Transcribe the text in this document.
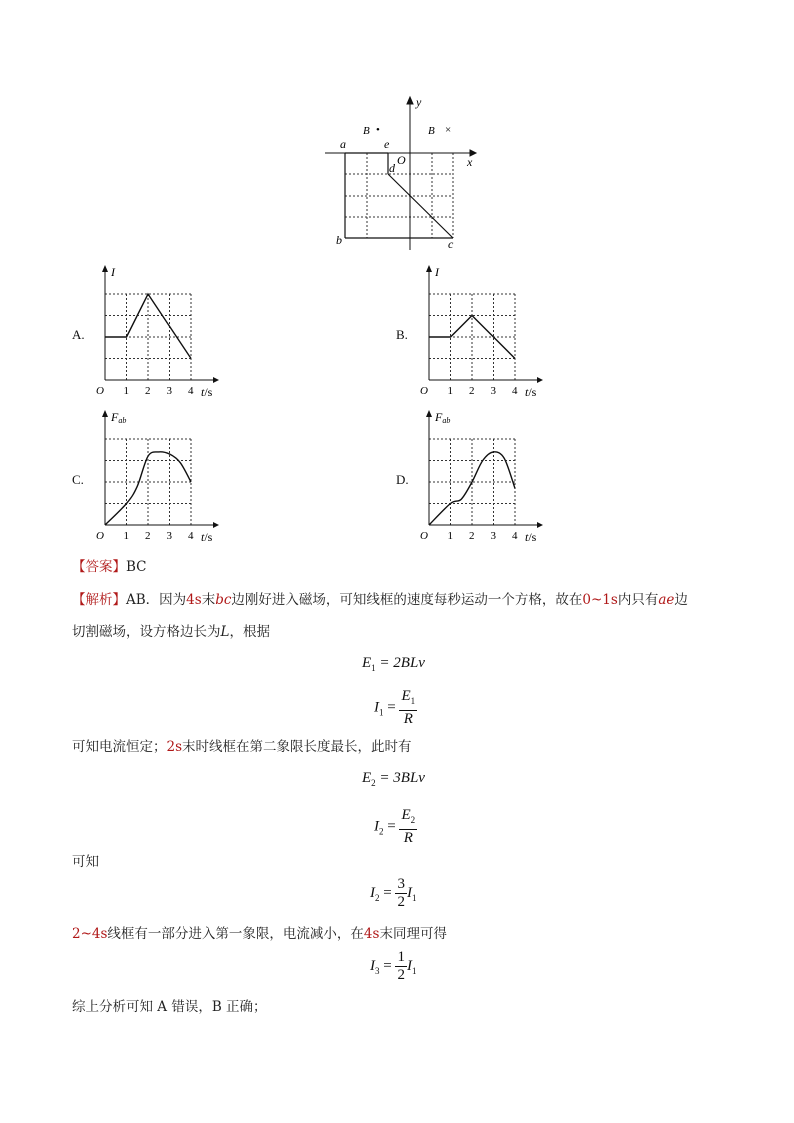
y
x
O
B •	B ×
a	e
d
b	c
A.
O 1 2 3 4 t/s
I
B.
O 1 2 3 4 t/s
I
C.
O 1 2 3 4 t/s
Fab
D.
O 1 2 3 4 t/s
Fab
【答案】BC
【解析】AB．因为4s末bc边刚好进入磁场，可知线框的速度每秒运动一个方格，故在0~1s内只有ae边
切割磁场，设方格边长为L，根据
$E_1 = 2BLv$
$I_1 = \frac{E_1}{R}$
可知电流恒定；2s末时线框在第二象限长度最长，此时有
$E_2 = 3BLv$
$I_2 = \frac{E_2}{R}$
可知
$I_2 = \frac{3}{2} I_1$
2~4s线框有一部分进入第一象限，电流减小，在4s末同理可得
$I_3 = \frac{1}{2} I_1$
综上分析可知 A 错误，B 正确；
